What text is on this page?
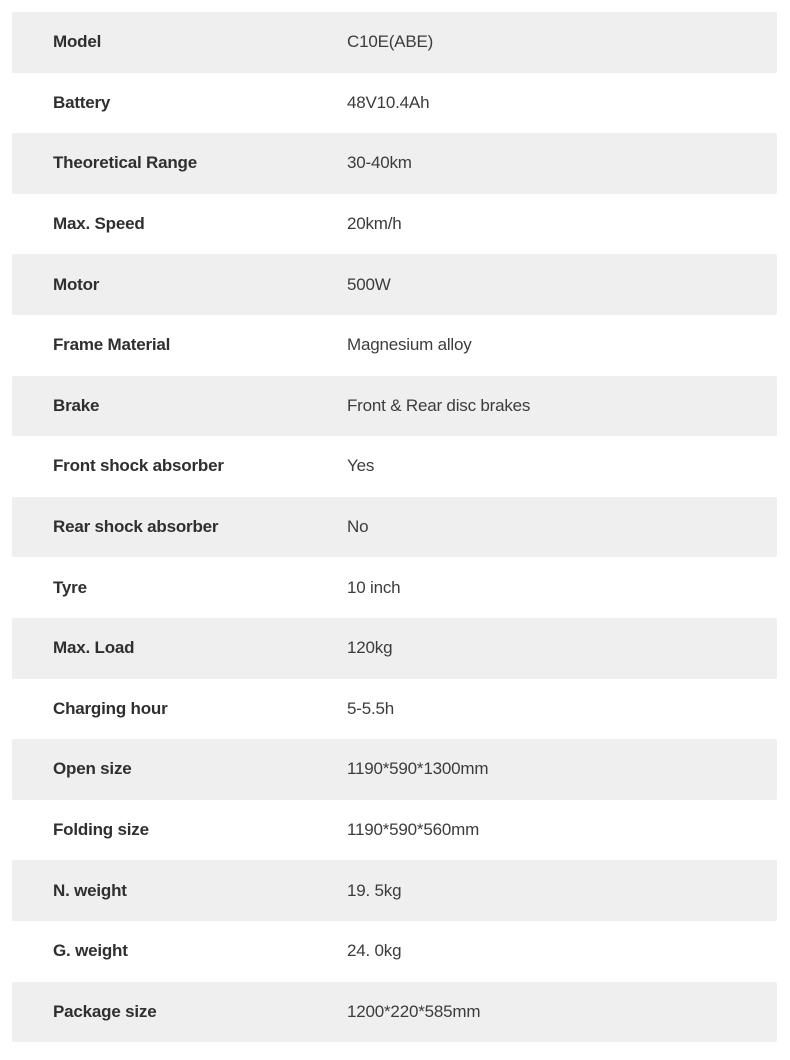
Model	C10E(ABE)
Battery	48V10.4Ah
Theoretical Range	30-40km
Max. Speed	20km/h
Motor	500W
Frame Material	Magnesium alloy
Brake	Front & Rear disc brakes
Front shock absorber	Yes
Rear shock absorber	No
Tyre	10 inch
Max. Load	120kg
Charging hour	5-5.5h
Open size	1190*590*1300mm
Folding size	1190*590*560mm
N. weight	19. 5kg
G. weight	24. 0kg
Package size	1200*220*585mm
